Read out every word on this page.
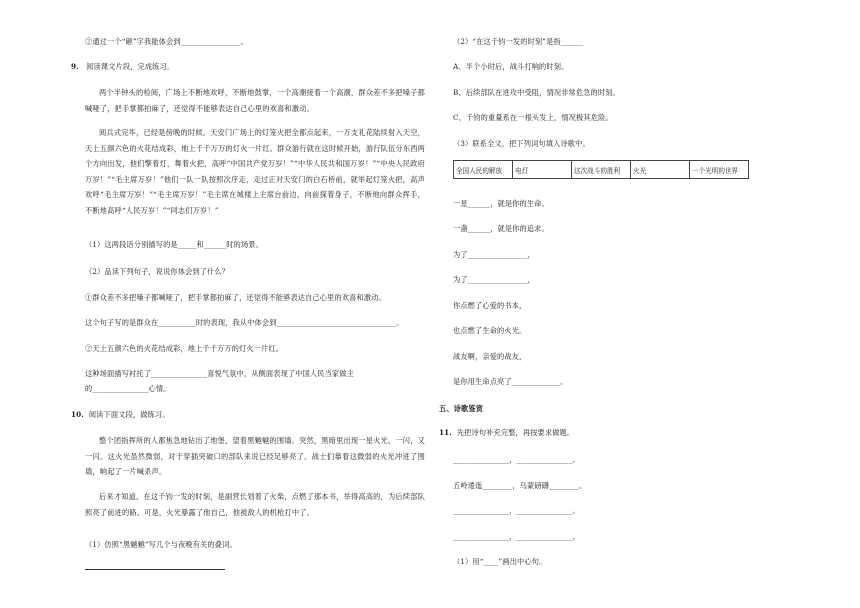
②通过一个“砸”字我能体会到________________。
9. 阅读课文片段，完成练习。
两个半钟头的检阅，广场上不断地欢呼，不断地鼓掌，一个高潮接着一个高潮，群众差不多把嗓子都喊哑了，把手掌都拍麻了，还觉得不能够表达自己心里的欢喜和激动。
阅兵式完毕，已经是傍晚的时候。天安门广场上的灯笼火把全都点起来，一万支礼花陆续射入天空，天上五颜六色的火花结成彩，地上千千万万的灯火一片红。群众游行就在这时候开始，游行队伍分东西两个方向出发，他们擎着灯，舞着火把，高呼“中国共产党万岁！”“中华人民共和国万岁！”“中央人民政府万岁！”“毛主席万岁！”他们一队一队按照次序走，走过正对天安门的白石桥前，就举起灯笼火把，高声欢呼“毛主席万岁！”“毛主席万岁！”毛主席在城楼上主席台前边，向前探着身子，不断地向群众挥手，不断地高呼“人民万岁！”“同志们万岁！”
（1）这两段话分别描写的是_____和______时的场景。
（2）品读下列句子，说说你体会到了什么？
①群众差不多把嗓子都喊哑了，把手掌都拍麻了，还觉得不能够表达自己心里的欢喜和激动。
这个句子写的是群众在__________时的表现，我从中体会到________________________________。
②天上五颜六色的火花结成彩，地上千千万万的灯火一片红。
这种场面描写衬托了_______________喜悦气氛中，从侧面表现了中国人民当家做主
的_______________心情。
10. 阅读下面文段，做练习。
整个团指挥所的人都焦急地钻出了地堡，望着黑魆魆的围墙。突然，黑暗里出现一星火光，一闪，又一闪。这火光虽然微弱，对于穿插突破口的部队来说已经足够亮了。战士们靠着这微弱的火光冲进了围墙，响起了一片喊杀声。
后来才知道，在这千钧一发的时刻，是副营长划着了火柴，点燃了那本书，举得高高的，为后续部队照亮了前进的路。可是，火光暴露了他自己，他被敌人的机枪打中了。
（1）仿照“黑魆魆”写几个与夜晚有关的叠词。
（2）“在这千钧一发的时刻”是指______
A、半个小时后，战斗打响的时刻。
B、后续部队在进攻中受阻，情况非常危急的时刻。
C、千钧的重量系在一根头发上，情况极其危险。
（3）联系全文，把下列词句填入诗歌中。
全国人民的解放	电灯	这次战斗的胜利	火光	一个光明的世界
一星______，就是你的生命。
一盏______，就是你的追求。
为了________________，
为了________________，
你点燃了心爱的书本，
也点燃了生命的火光。
战友啊，亲爱的战友，
是你用生命点亮了_____________。
五、诗歌鉴赏
11. 先把诗句补充完整，再按要求做题。
_______________，_______________。
五岭逶迤________，乌蒙磅礴________。
_______________，_______________。
_______________，_______________。
（1）用“____”画出中心句。
